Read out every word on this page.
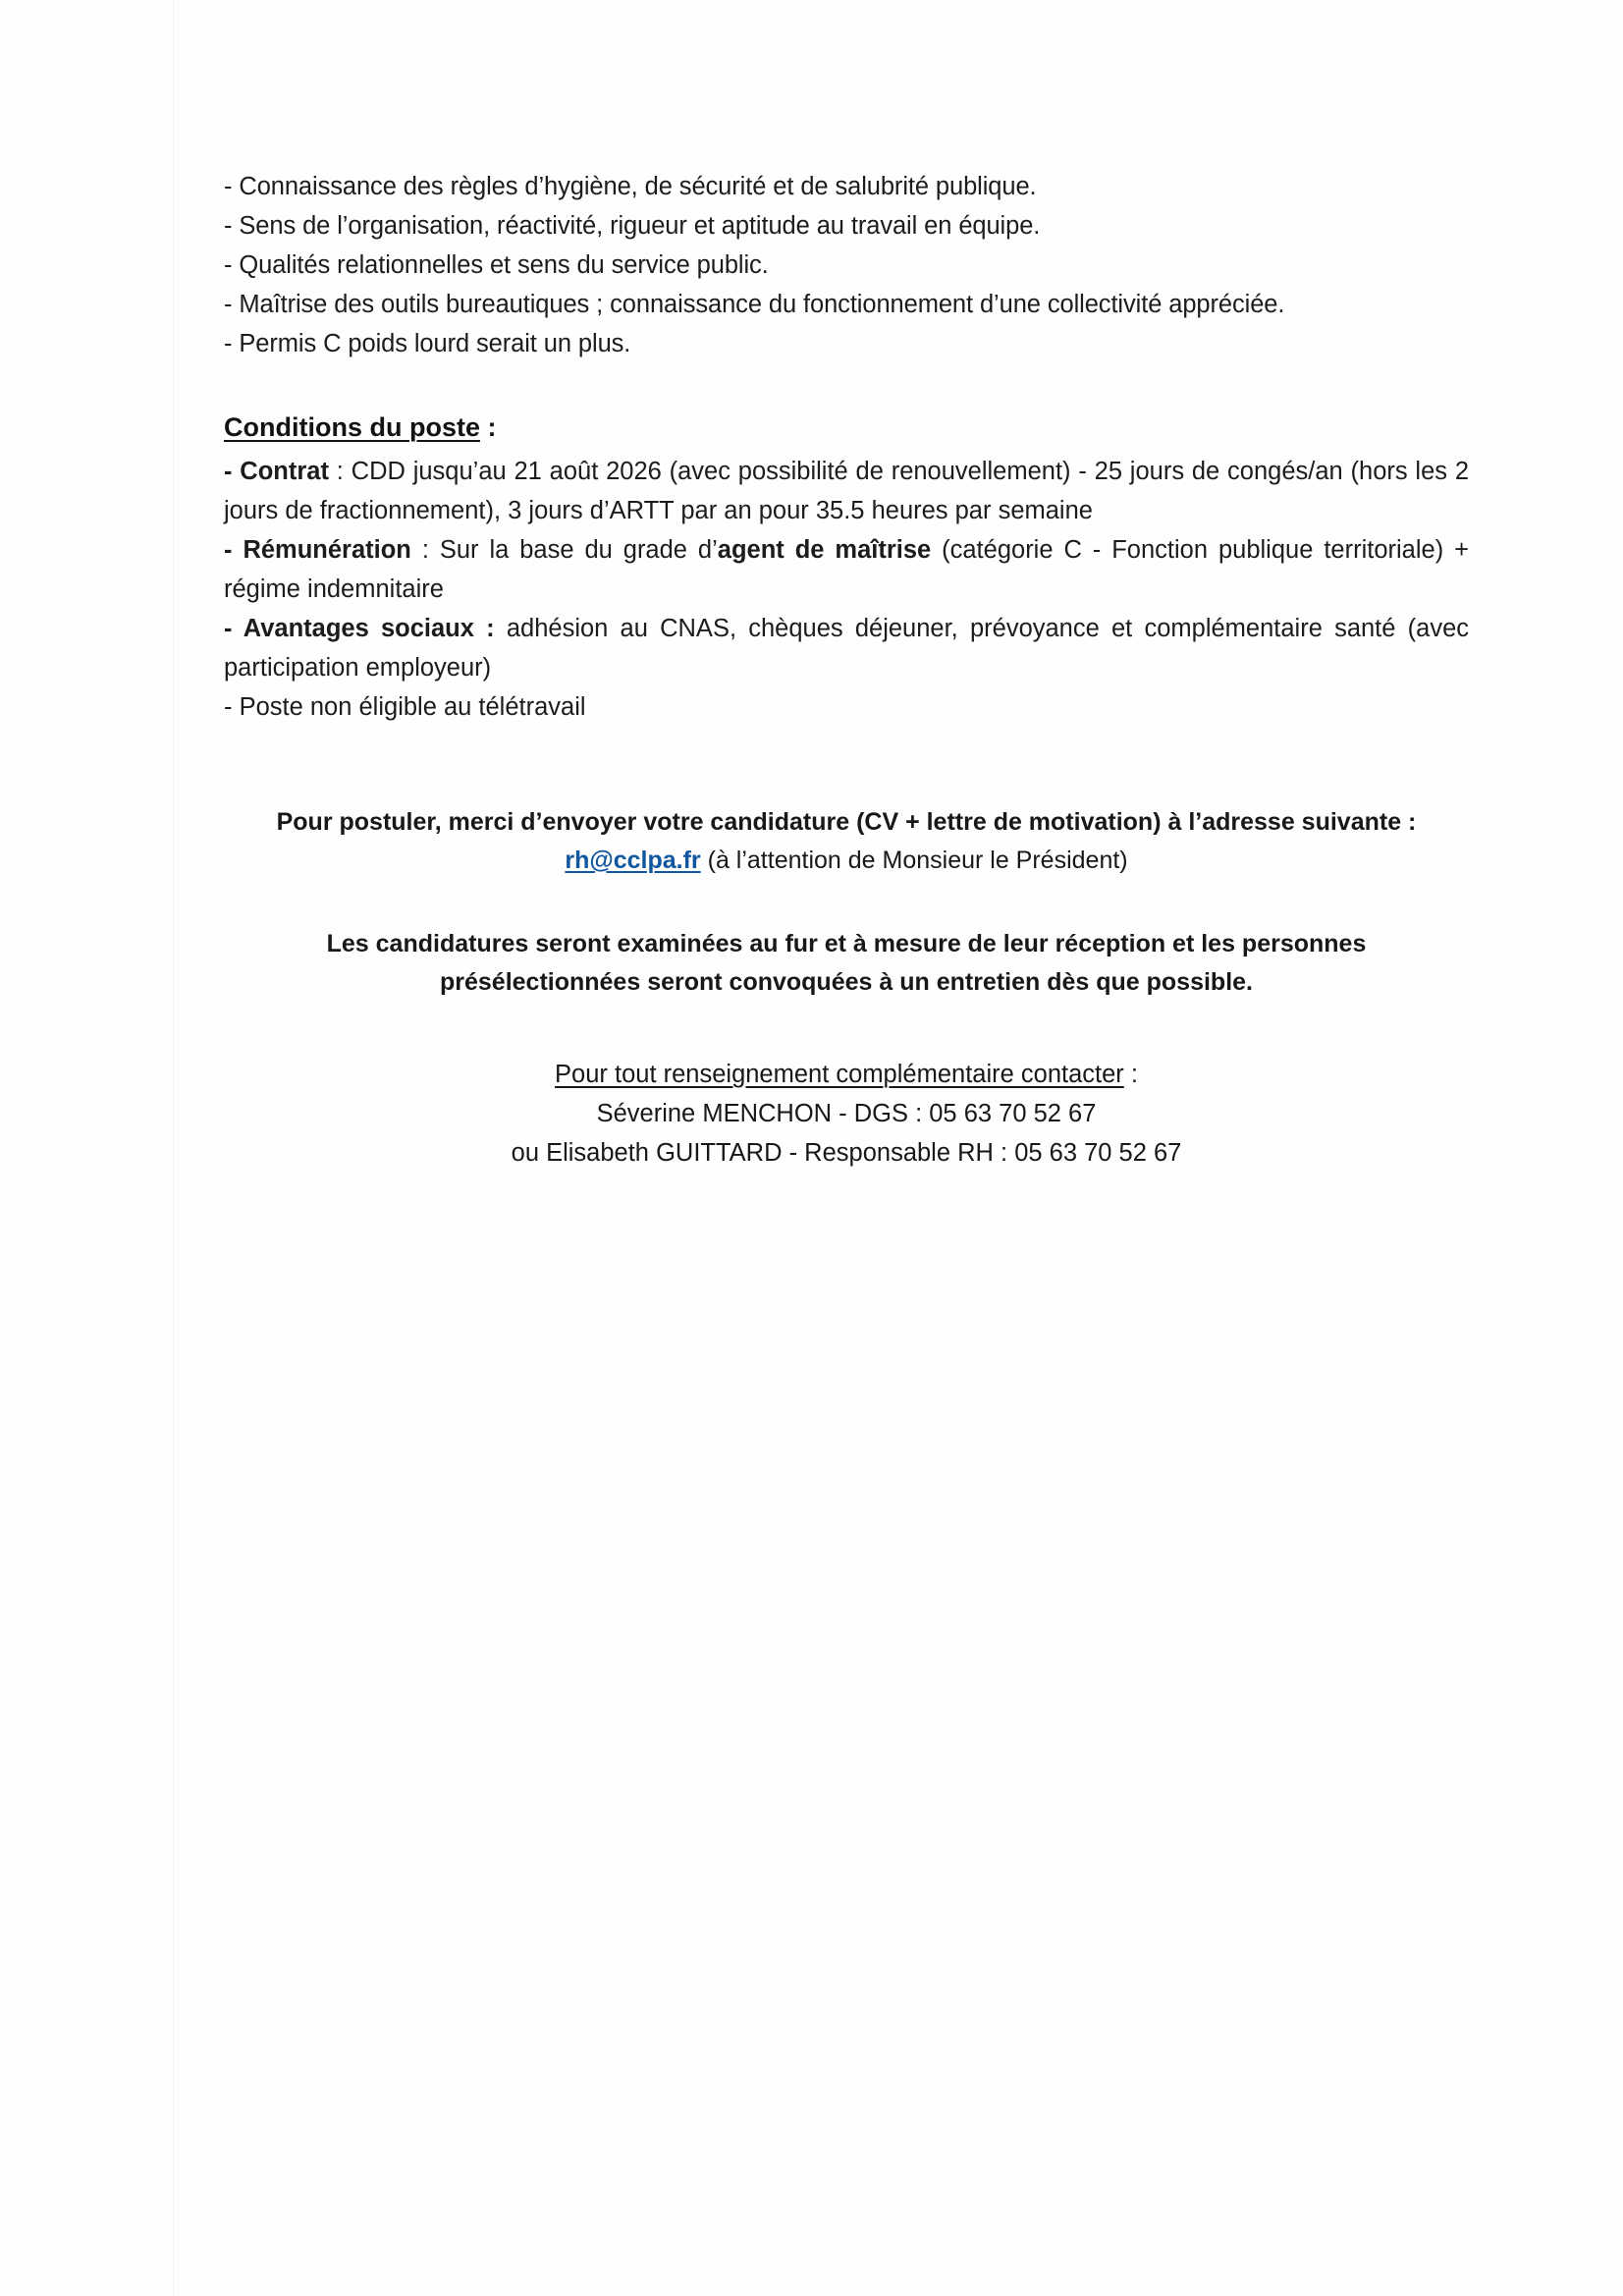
- Connaissance des règles d’hygiène, de sécurité et de salubrité publique.
- Sens de l’organisation, réactivité, rigueur et aptitude au travail en équipe.
- Qualités relationnelles et sens du service public.
- Maîtrise des outils bureautiques ; connaissance du fonctionnement d’une collectivité appréciée.
- Permis C poids lourd serait un plus.
Conditions du poste :

- Contrat : CDD jusqu’au 21 août 2026 (avec possibilité de renouvellement) - 25 jours de congés/an (hors les 2 jours de fractionnement), 3 jours d’ARTT par an pour 35.5 heures par semaine

- Rémunération : Sur la base du grade d’agent de maîtrise (catégorie C - Fonction publique territoriale) + régime indemnitaire

- Avantages sociaux : adhésion au CNAS, chèques déjeuner, prévoyance et complémentaire santé (avec participation employeur)

- Poste non éligible au télétravail

Pour postuler, merci d’envoyer votre candidature (CV + lettre de motivation) à l’adresse suivante :
rh@cclpa.fr (à l’attention de Monsieur le Président)
Les candidatures seront examinées au fur et à mesure de leur réception et les personnes
présélectionnées seront convoquées à un entretien dès que possible.
Pour tout renseignement complémentaire contacter :
Séverine MENCHON - DGS : 05 63 70 52 67
ou Elisabeth GUITTARD - Responsable RH : 05 63 70 52 67
